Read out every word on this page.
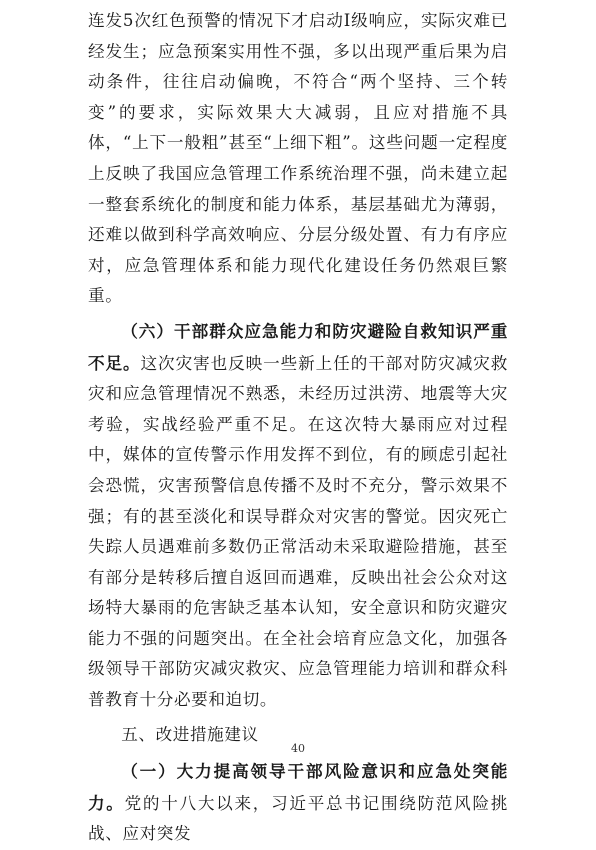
连发5次红色预警的情况下才启动Ⅰ级响应，实际灾难已经发生；应急预案实用性不强，多以出现严重后果为启动条件，往往启动偏晚，不符合“两个坚持、三个转变”的要求，实际效果大大减弱，且应对措施不具体，“上下一般粗”甚至“上细下粗”。这些问题一定程度上反映了我国应急管理工作系统治理不强，尚未建立起一整套系统化的制度和能力体系，基层基础尤为薄弱，还难以做到科学高效响应、分层分级处置、有力有序应对，应急管理体系和能力现代化建设任务仍然艰巨繁重。

（六）干部群众应急能力和防灾避险自救知识严重不足。这次灾害也反映一些新上任的干部对防灾减灾救灾和应急管理情况不熟悉，未经历过洪涝、地震等大灾考验，实战经验严重不足。在这次特大暴雨应对过程中，媒体的宣传警示作用发挥不到位，有的顾虑引起社会恐慌，灾害预警信息传播不及时不充分，警示效果不强；有的甚至淡化和误导群众对灾害的警觉。因灾死亡失踪人员遇难前多数仍正常活动未采取避险措施，甚至有部分是转移后擅自返回而遇难，反映出社会公众对这场特大暴雨的危害缺乏基本认知，安全意识和防灾避灾能力不强的问题突出。在全社会培育应急文化，加强各级领导干部防灾减灾救灾、应急管理能力培训和群众科普教育十分必要和迫切。

五、改进措施建议

（一）大力提高领导干部风险意识和应急处突能力。党的十八大以来，习近平总书记围绕防范风险挑战、应对突发

40
